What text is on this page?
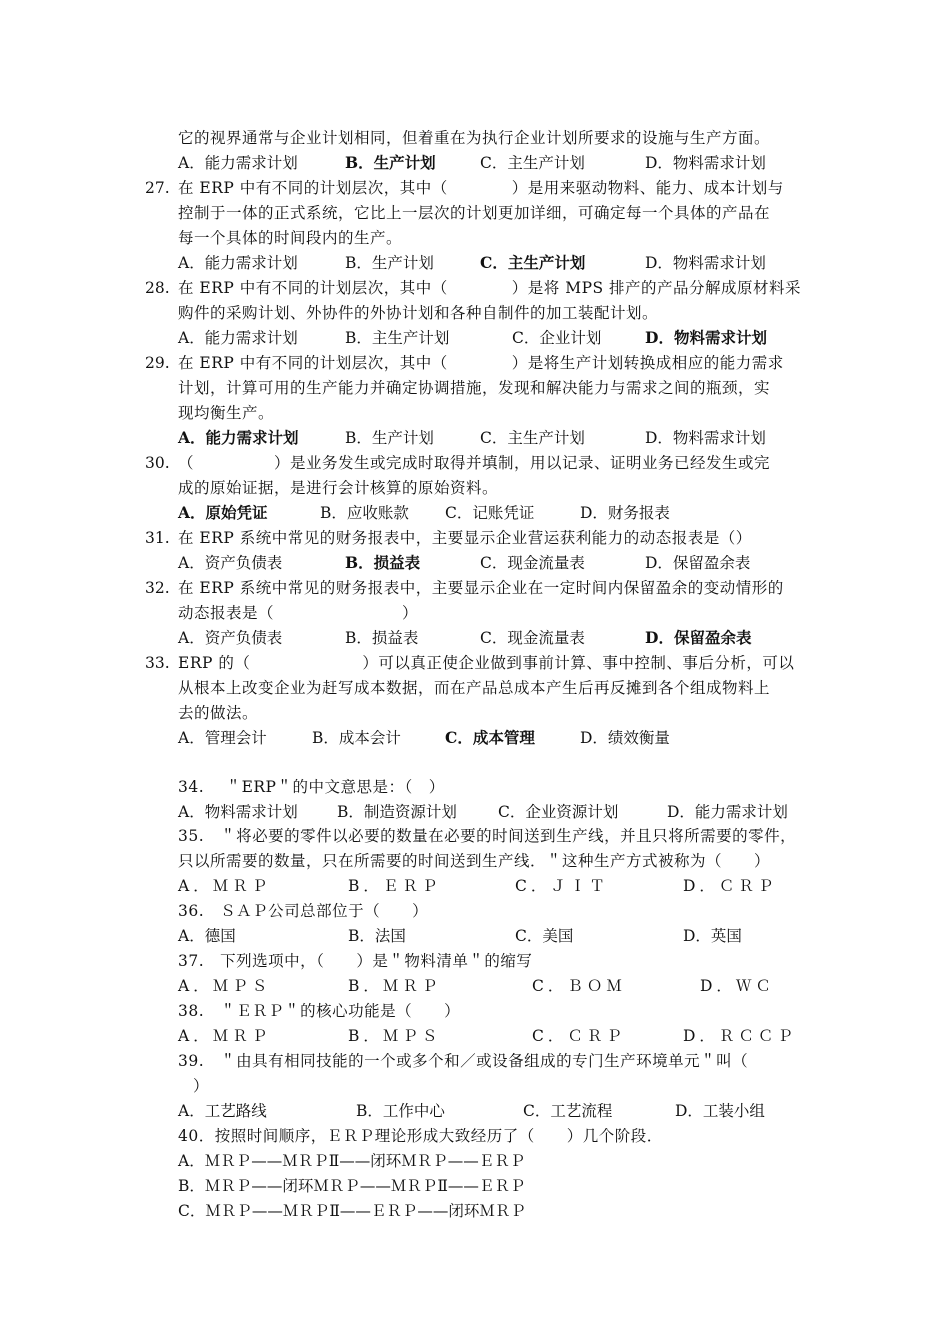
它的视界通常与企业计划相同，但着重在为执行企业计划所要求的设施与生产方面。
A．能力需求计划	B．生产计划	C．主生产计划	D．物料需求计划
27. 在 ERP 中有不同的计划层次，其中（　　　　）是用来驱动物料、能力、成本计划与
控制于一体的正式系统，它比上一层次的计划更加详细，可确定每一个具体的产品在
每一个具体的时间段内的生产。
A．能力需求计划	B．生产计划	C．主生产计划	D．物料需求计划
28. 在 ERP 中有不同的计划层次，其中（　　　　）是将 MPS 排产的产品分解成原材料采
购件的采购计划、外协件的外协计划和各种自制件的加工装配计划。
A．能力需求计划	B．主生产计划	C．企业计划	D．物料需求计划
29. 在 ERP 中有不同的计划层次，其中（　　　　）是将生产计划转换成相应的能力需求
计划，计算可用的生产能力并确定协调措施，发现和解决能力与需求之间的瓶颈，实
现均衡生产。
A．能力需求计划	B．生产计划	C．主生产计划	D．物料需求计划
30. （　　　　　）是业务发生或完成时取得并填制，用以记录、证明业务已经发生或完
成的原始证据，是进行会计核算的原始资料。
A．原始凭证	B．应收账款 C．记账凭证	D．财务报表
31. 在 ERP 系统中常见的财务报表中，主要显示企业营运获利能力的动态报表是（）
A．资产负债表	B．损益表	C．现金流量表	D．保留盈余表
32. 在 ERP 系统中常见的财务报表中，主要显示企业在一定时间内保留盈余的变动情形的
动态报表是（　　　　　　　　）
A．资产负债表	B．损益表	C．现金流量表	D．保留盈余表
33. ERP 的（　　　　　　　）可以真正使企业做到事前计算、事中控制、事后分析，可以
从根本上改变企业为赶写成本数据，而在产品总成本产生后再反摊到各个组成物料上
去的做法。
A．管理会计	B．成本会计	C．成本管理	D．绩效衡量
34.　 ＂ERP＂的中文意思是：（　）
A．物料需求计划	B．制造资源计划	C．企业资源计划	D．能力需求计划
35.　＂将必要的零件以必要的数量在必要的时间送到生产线，并且只将所需要的零件，
只以所需要的数量，只在所需要的时间送到生产线．＂这种生产方式被称为（　　）
A．ＭＲＰ	B．ＥＲＰ	C．ＪＩＴ	D．ＣＲＰ
36.　ＳＡＰ公司总部位于（　　）
A．德国	B．法国	C．美国	D．英国
37.　下列选项中，（　　）是＂物料清单＂的缩写
A．ＭＰＳ	B．ＭＲＰ	C．ＢＯＭ	D．ＷＣ
38.　＂ＥＲＰ＂的核心功能是（　　）
A．ＭＲＰ	B．ＭＰＳ	C．ＣＲＰ	D．ＲＣＣＰ
39.　＂由具有相同技能的一个或多个和／或设备组成的专门生产环境单元＂叫（
）
A．工艺路线	B．工作中心	C．工艺流程	D．工装小组
40．按照时间顺序，ＥＲＰ理论形成大致经历了（　　）几个阶段．
A．ＭＲＰ——ＭＲＰⅡ——闭环ＭＲＰ——ＥＲＰ
B．ＭＲＰ——闭环ＭＲＰ——ＭＲＰⅡ——ＥＲＰ
C．ＭＲＰ——ＭＲＰⅡ——ＥＲＰ——闭环ＭＲＰ
